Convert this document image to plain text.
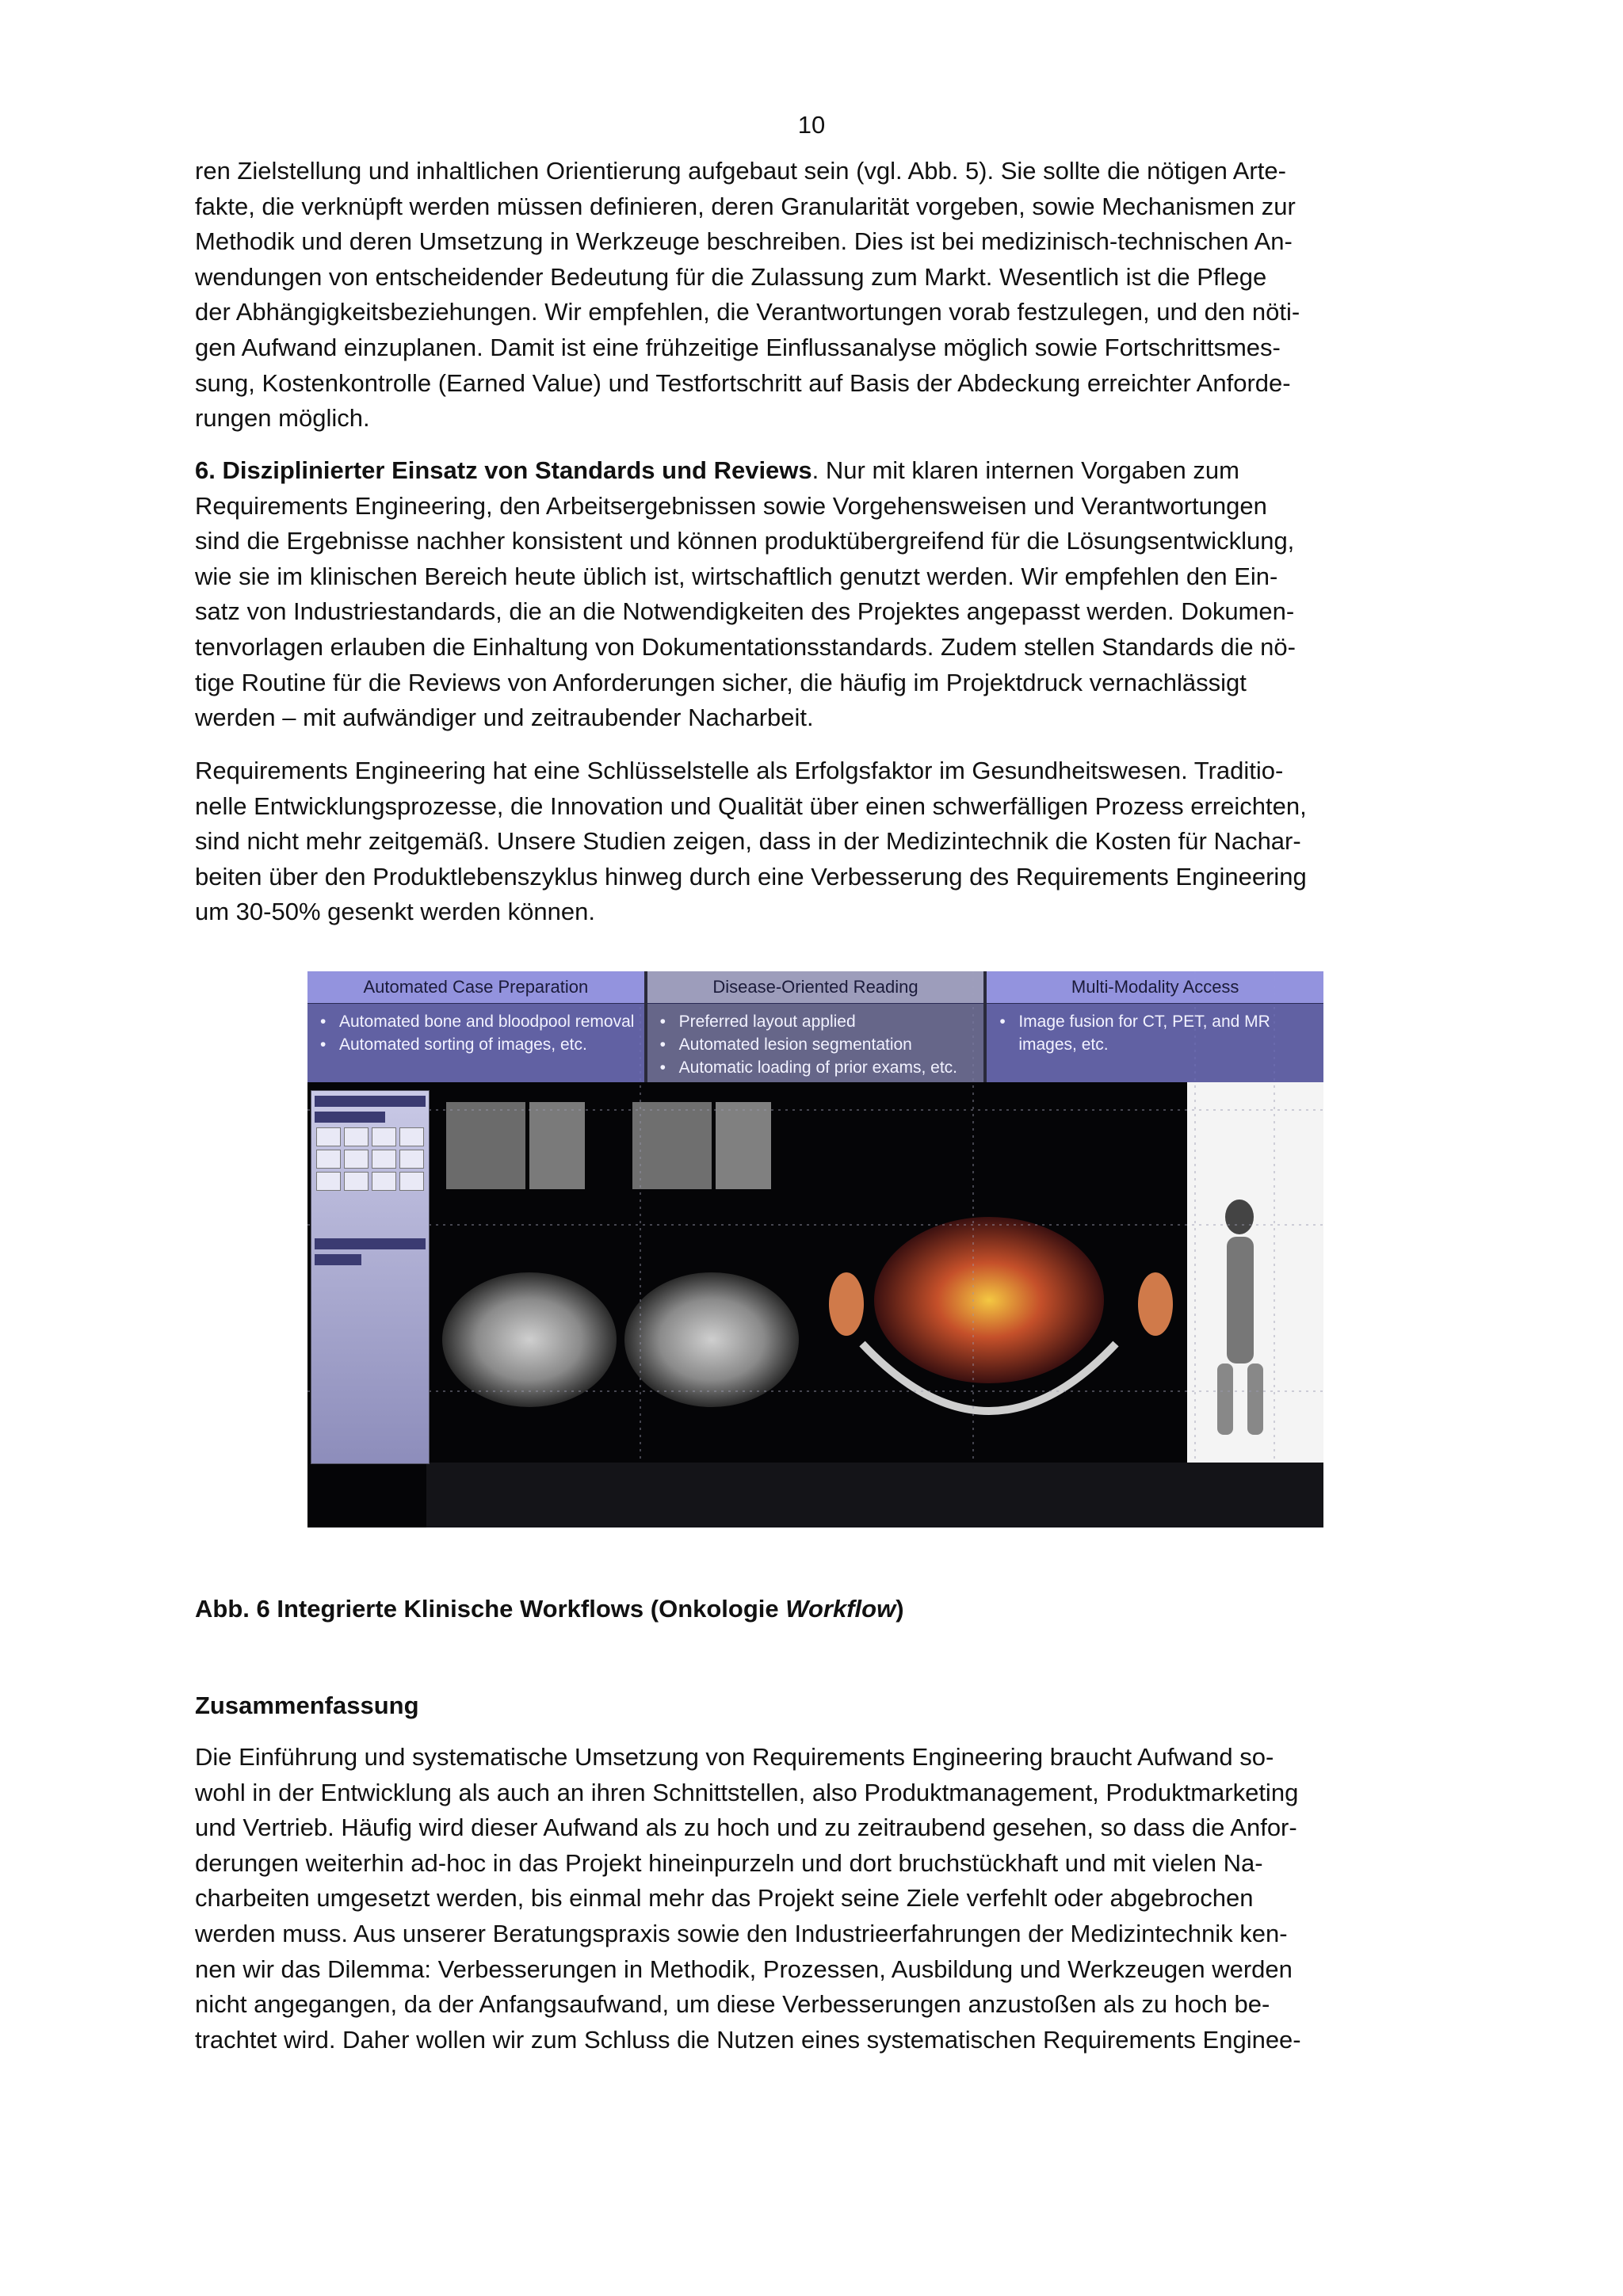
10

ren Zielstellung und inhaltlichen Orientierung aufgebaut sein (vgl. Abb. 5). Sie sollte die nötigen Arte-
fakte, die verknüpft werden müssen definieren, deren Granularität vorgeben, sowie Mechanismen zur
Methodik und deren Umsetzung in Werkzeuge beschreiben. Dies ist bei medizinisch-technischen An-
wendungen von entscheidender Bedeutung für die Zulassung zum Markt. Wesentlich ist die Pflege
der Abhängigkeitsbeziehungen. Wir empfehlen, die Verantwortungen vorab festzulegen, und den nöti-
gen Aufwand einzuplanen. Damit ist eine frühzeitige Einflussanalyse möglich sowie Fortschrittsmes-
sung, Kostenkontrolle (Earned Value) und Testfortschritt auf Basis der Abdeckung erreichter Anforde-
rungen möglich.

6. Disziplinierter Einsatz von Standards und Reviews. Nur mit klaren internen Vorgaben zum
Requirements Engineering, den Arbeitsergebnissen sowie Vorgehensweisen und Verantwortungen
sind die Ergebnisse nachher konsistent und können produktübergreifend für die Lösungsentwicklung,
wie sie im klinischen Bereich heute üblich ist, wirtschaftlich genutzt werden. Wir empfehlen den Ein-
satz von Industriestandards, die an die Notwendigkeiten des Projektes angepasst werden. Dokumen-
tenvorlagen erlauben die Einhaltung von Dokumentationsstandards. Zudem stellen Standards die nö-
tige Routine für die Reviews von Anforderungen sicher, die häufig im Projektdruck vernachlässigt
werden – mit aufwändiger und zeitraubender Nacharbeit.

Requirements Engineering hat eine Schlüsselstelle als Erfolgsfaktor im Gesundheitswesen. Traditio-
nelle Entwicklungsprozesse, die Innovation und Qualität über einen schwerfälligen Prozess erreichten,
sind nicht mehr zeitgemäß. Unsere Studien zeigen, dass in der Medizintechnik die Kosten für Nachar-
beiten über den Produktlebenszyklus hinweg durch eine Verbesserung des Requirements Engineering
um 30-50% gesenkt werden können.

Automated Case Preparation
• Automated bone and bloodpool removal
• Automated sorting of images, etc.
Disease-Oriented Reading
• Preferred layout applied
• Automated lesion segmentation
• Automatic loading of prior exams, etc.
Multi-Modality Access
• Image fusion for CT, PET, and MR images, etc.
Abb. 6 Integrierte Klinische Workflows (Onkologie Workflow)
Zusammenfassung

Die Einführung und systematische Umsetzung von Requirements Engineering braucht Aufwand so-
wohl in der Entwicklung als auch an ihren Schnittstellen, also Produktmanagement, Produktmarketing
und Vertrieb. Häufig wird dieser Aufwand als zu hoch und zu zeitraubend gesehen, so dass die Anfor-
derungen weiterhin ad-hoc in das Projekt hineinpurzeln und dort bruchstückhaft und mit vielen Na-
charbeiten umgesetzt werden, bis einmal mehr das Projekt seine Ziele verfehlt oder abgebrochen
werden muss. Aus unserer Beratungspraxis sowie den Industrieerfahrungen der Medizintechnik ken-
nen wir das Dilemma: Verbesserungen in Methodik, Prozessen, Ausbildung und Werkzeugen werden
nicht angegangen, da der Anfangsaufwand, um diese Verbesserungen anzustoßen als zu hoch be-
trachtet wird. Daher wollen wir zum Schluss die Nutzen eines systematischen Requirements Enginee-
